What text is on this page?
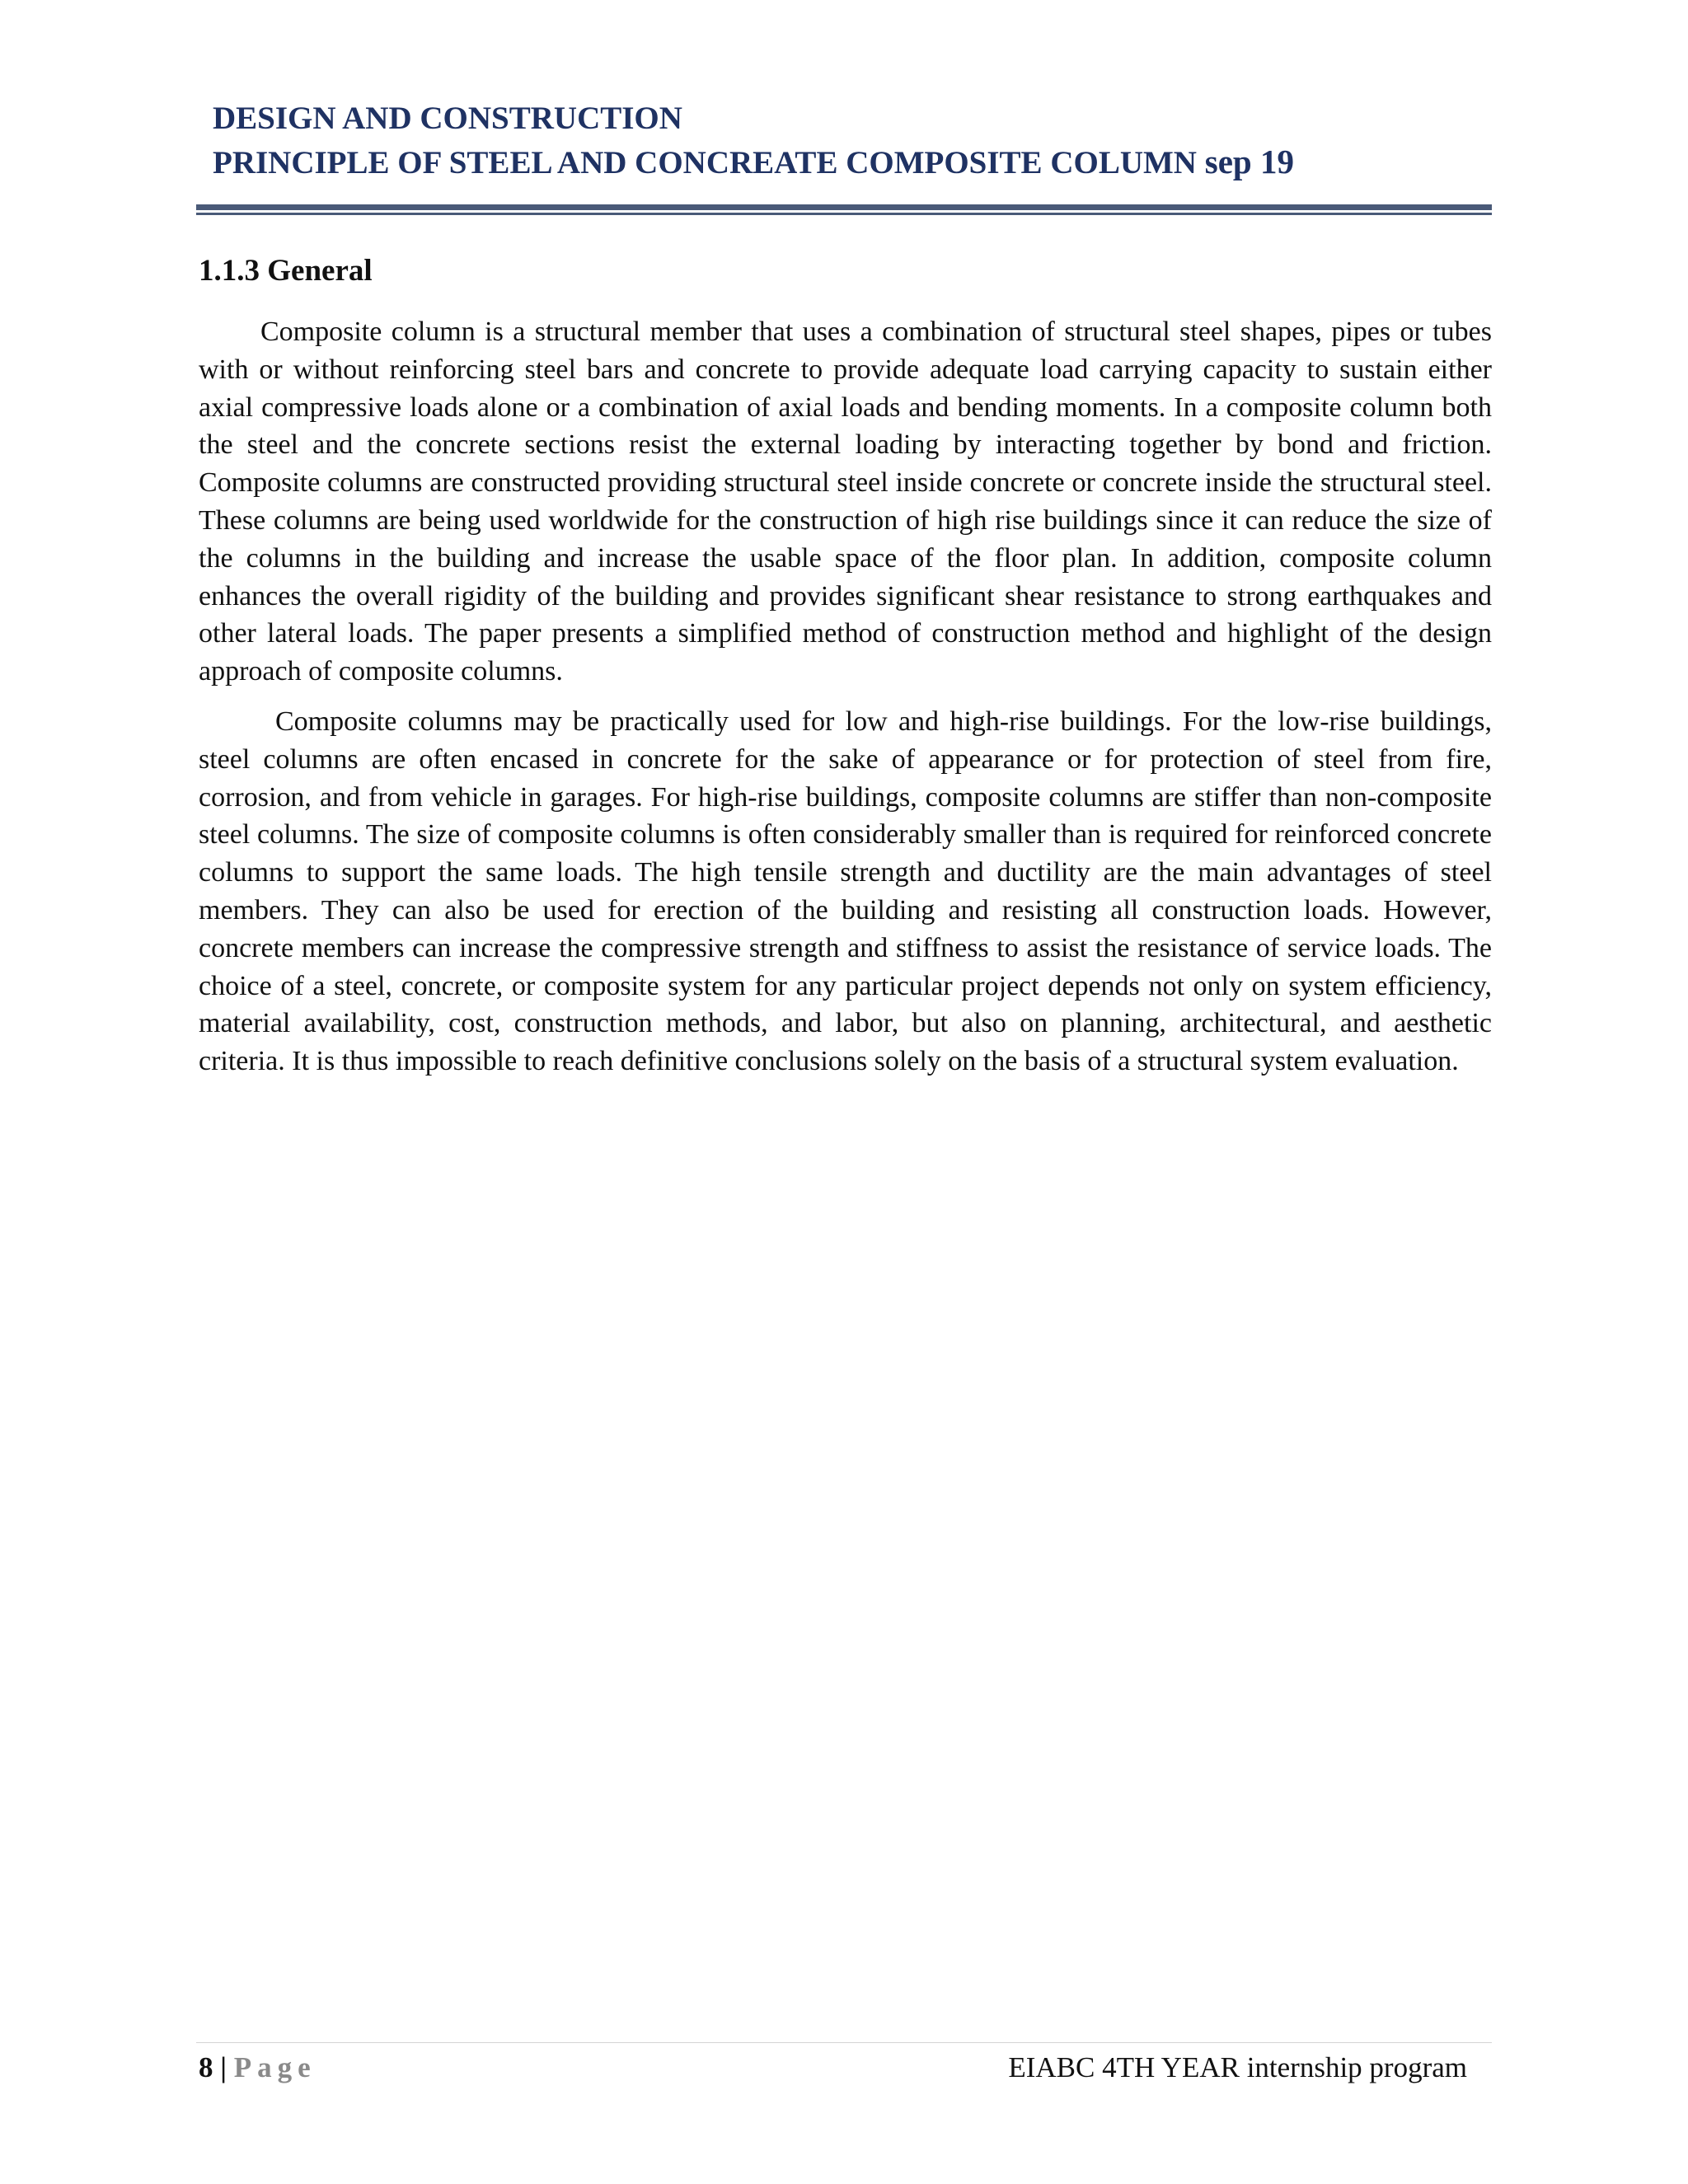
DESIGN AND CONSTRUCTION
PRINCIPLE OF STEEL AND CONCREATE COMPOSITE COLUMN sep 19
1.1.3 General

Composite column is a structural member that uses a combination of structural steel shapes, pipes or tubes with or without reinforcing steel bars and concrete to provide adequate load carrying capacity to sustain either axial compressive loads alone or a combination of axial loads and bending moments. In a composite column both the steel and the concrete sections resist the external loading by interacting together by bond and friction. Composite columns are constructed providing structural steel inside concrete or concrete inside the structural steel. These columns are being used worldwide for the construction of high rise buildings since it can reduce the size of the columns in the building and increase the usable space of the floor plan. In addition, composite column enhances the overall rigidity of the building and provides significant shear resistance to strong earthquakes and other lateral loads. The paper presents a simplified method of construction method and highlight of the design approach of composite columns.

Composite columns may be practically used for low and high-rise buildings. For the low-rise buildings, steel columns are often encased in concrete for the sake of appearance or for protection of steel from fire, corrosion, and from vehicle in garages. For high-rise buildings, composite columns are stiffer than non-composite steel columns. The size of composite columns is often considerably smaller than is required for reinforced concrete columns to support the same loads. The high tensile strength and ductility are the main advantages of steel members. They can also be used for erection of the building and resisting all construction loads. However, concrete members can increase the compressive strength and stiffness to assist the resistance of service loads. The choice of a steel, concrete, or composite system for any particular project depends not only on system efficiency, material availability, cost, construction methods, and labor, but also on planning, architectural, and aesthetic criteria. It is thus impossible to reach definitive conclusions solely on the basis of a structural system evaluation.

8 | Page	EIABC 4TH YEAR internship program
